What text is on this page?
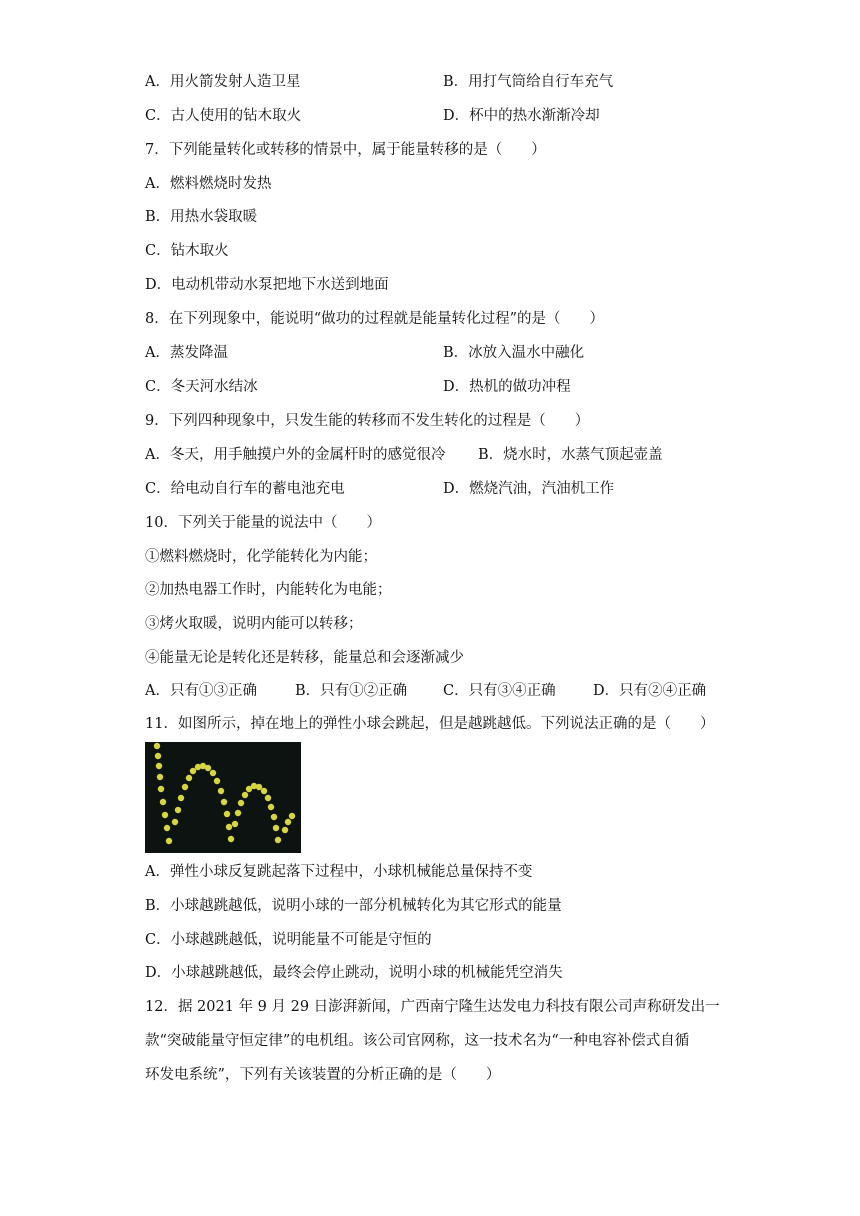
A．用火箭发射人造卫星	B．用打气筒给自行车充气
C．古人使用的钻木取火	D．杯中的热水渐渐冷却
7．下列能量转化或转移的情景中，属于能量转移的是（　　）
A．燃料燃烧时发热
B．用热水袋取暖
C．钻木取火
D．电动机带动水泵把地下水送到地面
8．在下列现象中，能说明“做功的过程就是能量转化过程”的是（　　）
A．蒸发降温	B．冰放入温水中融化
C．冬天河水结冰	D．热机的做功冲程
9．下列四种现象中，只发生能的转移而不发生转化的过程是（　　）
A．冬天，用手触摸户外的金属杆时的感觉很冷 B．烧水时，水蒸气顶起壶盖
C．给电动自行车的蓄电池充电	D．燃烧汽油，汽油机工作
10．下列关于能量的说法中（　　）
①燃料燃烧时，化学能转化为内能；
②加热电器工作时，内能转化为电能；
③烤火取暖，说明内能可以转移；
④能量无论是转化还是转移，能量总和会逐渐减少
A．只有①③正确	B．只有①②正确 C．只有③④正确	D．只有②④正确
11．如图所示，掉在地上的弹性小球会跳起，但是越跳越低。下列说法正确的是（　　）
A．弹性小球反复跳起落下过程中，小球机械能总量保持不变
B．小球越跳越低，说明小球的一部分机械转化为其它形式的能量
C．小球越跳越低，说明能量不可能是守恒的
D．小球越跳越低，最终会停止跳动，说明小球的机械能凭空消失
12．据 2021 年 9 月 29 日澎湃新闻，广西南宁隆生达发电力科技有限公司声称研发出一
款“突破能量守恒定律”的电机组。该公司官网称，这一技术名为“一种电容补偿式自循
环发电系统”，下列有关该装置的分析正确的是（　　）
